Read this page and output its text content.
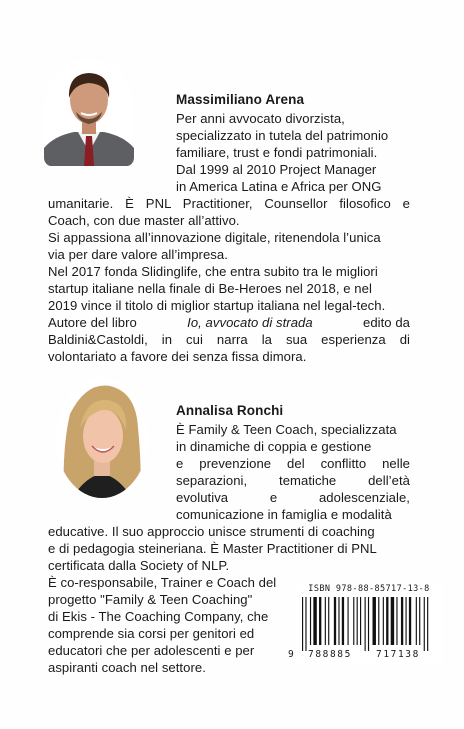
Massimiliano Arena
Per anni avvocato divorzista,
specializzato in tutela del patrimonio
familiare, trust e fondi patrimoniali.
Dal 1999 al 2010 Project Manager
in America Latina e Africa per ONG
umanitarie. È PNL Practitioner, Counsellor filosofico e
Coach, con due master all’attivo.
Si appassiona all’innovazione digitale, ritenendola l’unica
via per dare valore all’impresa.
Nel 2017 fonda Slidinglife, che entra subito tra le migliori
startup italiane nella finale di Be-Heroes nel 2018, e nel
2019 vince il titolo di miglior startup italiana nel legal-tech.
Autore del libro	Io, avvocato di strada	edito da
Baldini&Castoldi, in cui narra la sua esperienza di
volontariato a favore dei senza fissa dimora.
Annalisa Ronchi
È Family & Teen Coach, specializzata
in dinamiche di coppia e gestione
e prevenzione del conflitto nelle
separazioni, tematiche dell’età
evolutiva e adolescenziale,
comunicazione in famiglia e modalità
educative. Il suo approccio unisce strumenti di coaching
e di pedagogia steineriana. È Master Practitioner di PNL
certificata dalla Society of NLP.
È co-responsabile, Trainer e Coach del
progetto "Family & Teen Coaching"
di Ekis - The Coaching Company, che
comprende sia corsi per genitori ed
educatori che per adolescenti e per
aspiranti coach nel settore.
ISBN 978-88-85717-13-8
9 788885	717138
